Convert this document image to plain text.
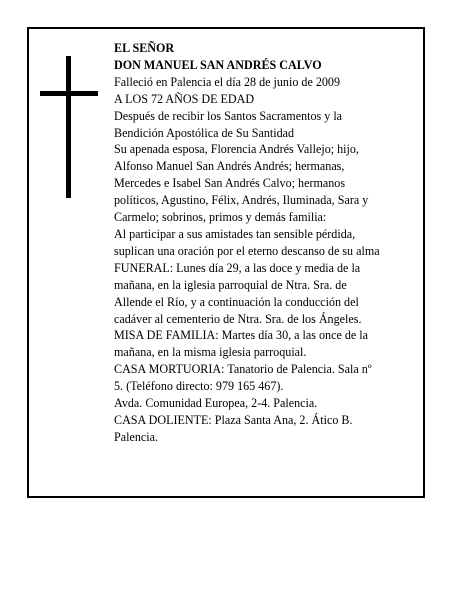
EL SEÑOR
DON MANUEL SAN ANDRÉS CALVO
Falleció en Palencia el día 28 de junio de 2009
A LOS 72 AÑOS DE EDAD
Después de recibir los Santos Sacramentos y la
Bendición Apostólica de Su Santidad
Su apenada esposa, Florencia Andrés Vallejo; hijo,
Alfonso Manuel San Andrés Andrés; hermanas,
Mercedes e Isabel San Andrés Calvo; hermanos
políticos, Agustino, Félix, Andrés, Iluminada, Sara y
Carmelo; sobrinos, primos y demás familia:
Al participar a sus amistades tan sensible pérdida,
suplican una oración por el eterno descanso de su alma
FUNERAL: Lunes día 29, a las doce y media de la
mañana, en la iglesia parroquial de Ntra. Sra. de
Allende el Río, y a continuación la conducción del
cadáver al cementerio de Ntra. Sra. de los Ángeles.
MISA DE FAMILIA: Martes día 30, a las once de la
mañana, en la misma iglesia parroquial.
CASA MORTUORIA: Tanatorio de Palencia. Sala nº
5. (Teléfono directo: 979 165 467).
Avda. Comunidad Europea, 2-4. Palencia.
CASA DOLIENTE: Plaza Santa Ana, 2. Ático B.
Palencia.
